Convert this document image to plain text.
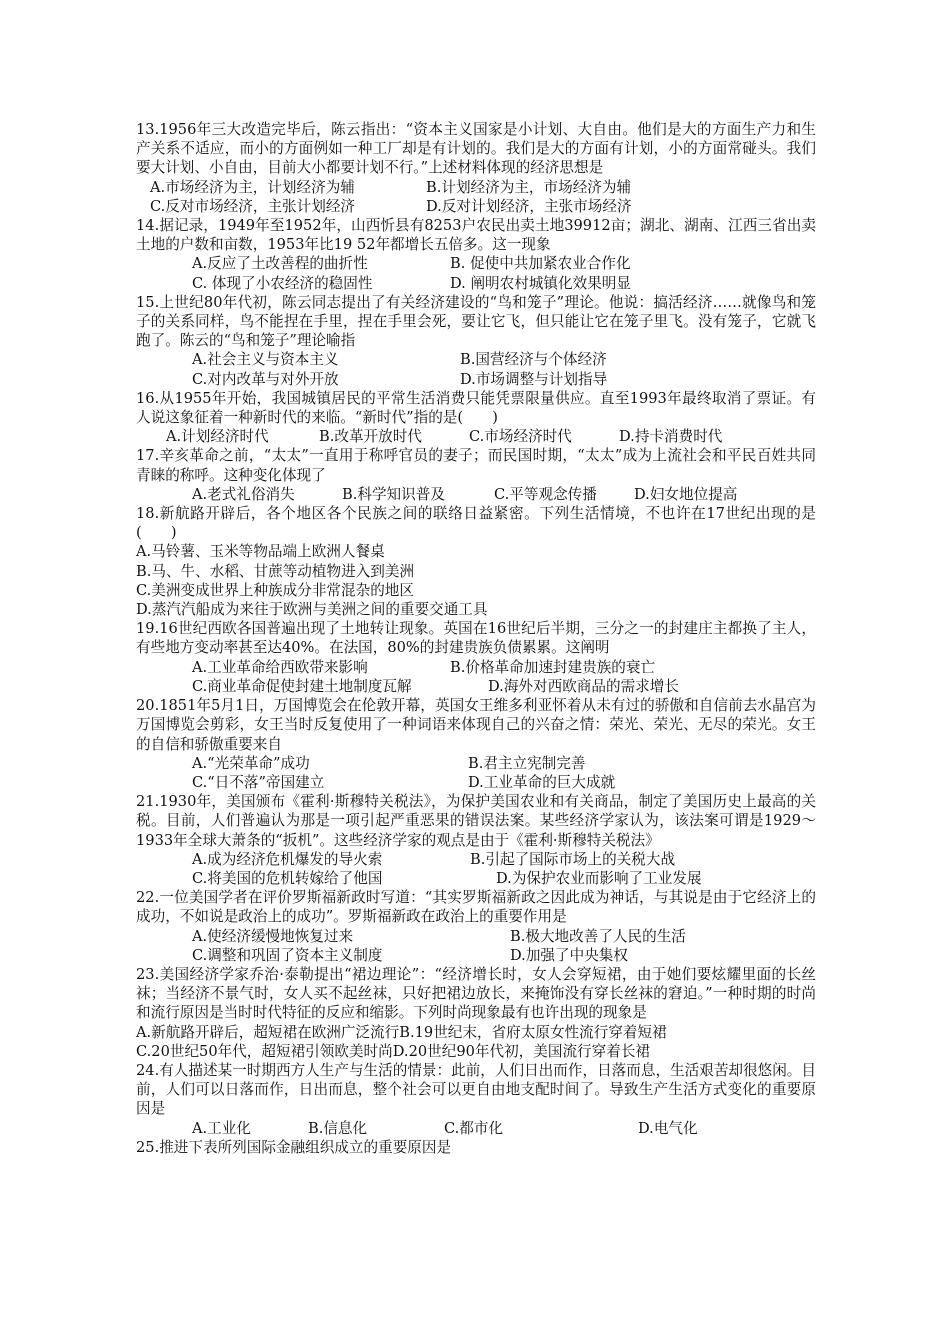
13.1956年三大改造完毕后，陈云指出：“资本主义国家是小计划、大自由。他们是大的方面生产力和生产关系不适应，而小的方面例如一种工厂却是有计划的。我们是大的方面有计划，小的方面常碰头。我们要大计划、小自由，目前大小都要计划不行。”上述材料体现的经济思想是

A.市场经济为主，计划经济为辅	B.计划经济为主，市场经济为辅
C.反对市场经济，主张计划经济	D.反对计划经济，主张市场经济

14.据记录，1949年至1952年，山西忻县有8253户农民出卖土地39912亩；湖北、湖南、江西三省出卖土地的户数和亩数，1953年比19 52年都增长五倍多。这一现象

A.反应了土改善程的曲折性	B. 促使中共加紧农业合作化
C. 体现了小农经济的稳固性	D. 阐明农村城镇化效果明显

15.上世纪80年代初，陈云同志提出了有关经济建设的“鸟和笼子”理论。他说：搞活经济……就像鸟和笼子的关系同样，鸟不能捏在手里，捏在手里会死，要让它飞，但只能让它在笼子里飞。没有笼子，它就飞跑了。陈云的“鸟和笼子”理论喻指

A.社会主义与资本主义	B.国营经济与个体经济
C.对内改革与对外开放	D.市场调整与计划指导

16.从1955年开始，我国城镇居民的平常生活消费只能凭票限量供应。直至1993年最终取消了票证。有人说这象征着一种新时代的来临。“新时代”指的是(　　)

A.计划经济时代	B.改革开放时代	C.市场经济时代	D.持卡消费时代

17.辛亥革命之前，“太太”一直用于称呼官员的妻子；而民国时期，“太太”成为上流社会和平民百姓共同青睐的称呼。这种变化体现了

A.老式礼俗消失	B.科学知识普及	C.平等观念传播	D.妇女地位提高

18.新航路开辟后，各个地区各个民族之间的联络日益紧密。下列生活情境，不也许在17世纪出现的是(　　)

A.马铃薯、玉米等物品端上欧洲人餐桌
B.马、牛、水稻、甘蔗等动植物进入到美洲
C.美洲变成世界上种族成分非常混杂的地区
D.蒸汽汽船成为来往于欧洲与美洲之间的重要交通工具

19.16世纪西欧各国普遍出现了土地转让现象。英国在16世纪后半期，三分之一的封建庄主都换了主人，有些地方变动率甚至达40%。在法国，80%的封建贵族负债累累。这阐明

A.工业革命给西欧带来影响	B.价格革命加速封建贵族的衰亡
C.商业革命促使封建土地制度瓦解	D.海外对西欧商品的需求增长

20.1851年5月1日，万国博览会在伦敦开幕，英国女王维多利亚怀着从未有过的骄傲和自信前去水晶宫为万国博览会剪彩，女王当时反复使用了一种词语来体现自己的兴奋之情：荣光、荣光、无尽的荣光。女王的自信和骄傲重要来自

A.“光荣革命”成功	B.君主立宪制完善
C.“日不落”帝国建立	D.工业革命的巨大成就

21.1930年，美国颁布《霍利·斯穆特关税法》，为保护美国农业和有关商品，制定了美国历史上最高的关税。目前，人们普遍认为那是一项引起严重恶果的错误法案。某些经济学家认为，该法案可谓是1929～1933年全球大萧条的“扳机”。这些经济学家的观点是由于《霍利·斯穆特关税法》

A.成为经济危机爆发的导火索	B.引起了国际市场上的关税大战
C.将美国的危机转嫁给了他国	D.为保护农业而影响了工业发展

22.一位美国学者在评价罗斯福新政时写道：“其实罗斯福新政之因此成为神话，与其说是由于它经济上的成功，不如说是政治上的成功”。罗斯福新政在政治上的重要作用是

A.使经济缓慢地恢复过来	B.极大地改善了人民的生活
C.调整和巩固了资本主义制度	D.加强了中央集权

23.美国经济学家乔治·泰勒提出“裙边理论”：“经济增长时，女人会穿短裙，由于她们要炫耀里面的长丝袜；当经济不景气时，女人买不起丝袜，只好把裙边放长，来掩饰没有穿长丝袜的窘迫。”一种时期的时尚和流行原因是当时时代特征的反应和缩影。下列时尚现象最有也许出现的现象是

A.新航路开辟后，超短裙在欧洲广泛流行 B.19世纪末，省府太原女性流行穿着短裙
C.20世纪50年代，超短裙引领欧美时尚 D.20世纪90年代初，美国流行穿着长裙

24.有人描述某一时期西方人生产与生活的情景：此前，人们日出而作，日落而息，生活艰苦却很悠闲。目前，人们可以日落而作，日出而息，整个社会可以更自由地支配时间了。导致生产生活方式变化的重要原因是

A.工业化	B.信息化	C.都市化	D.电气化

25.推进下表所列国际金融组织成立的重要原因是
